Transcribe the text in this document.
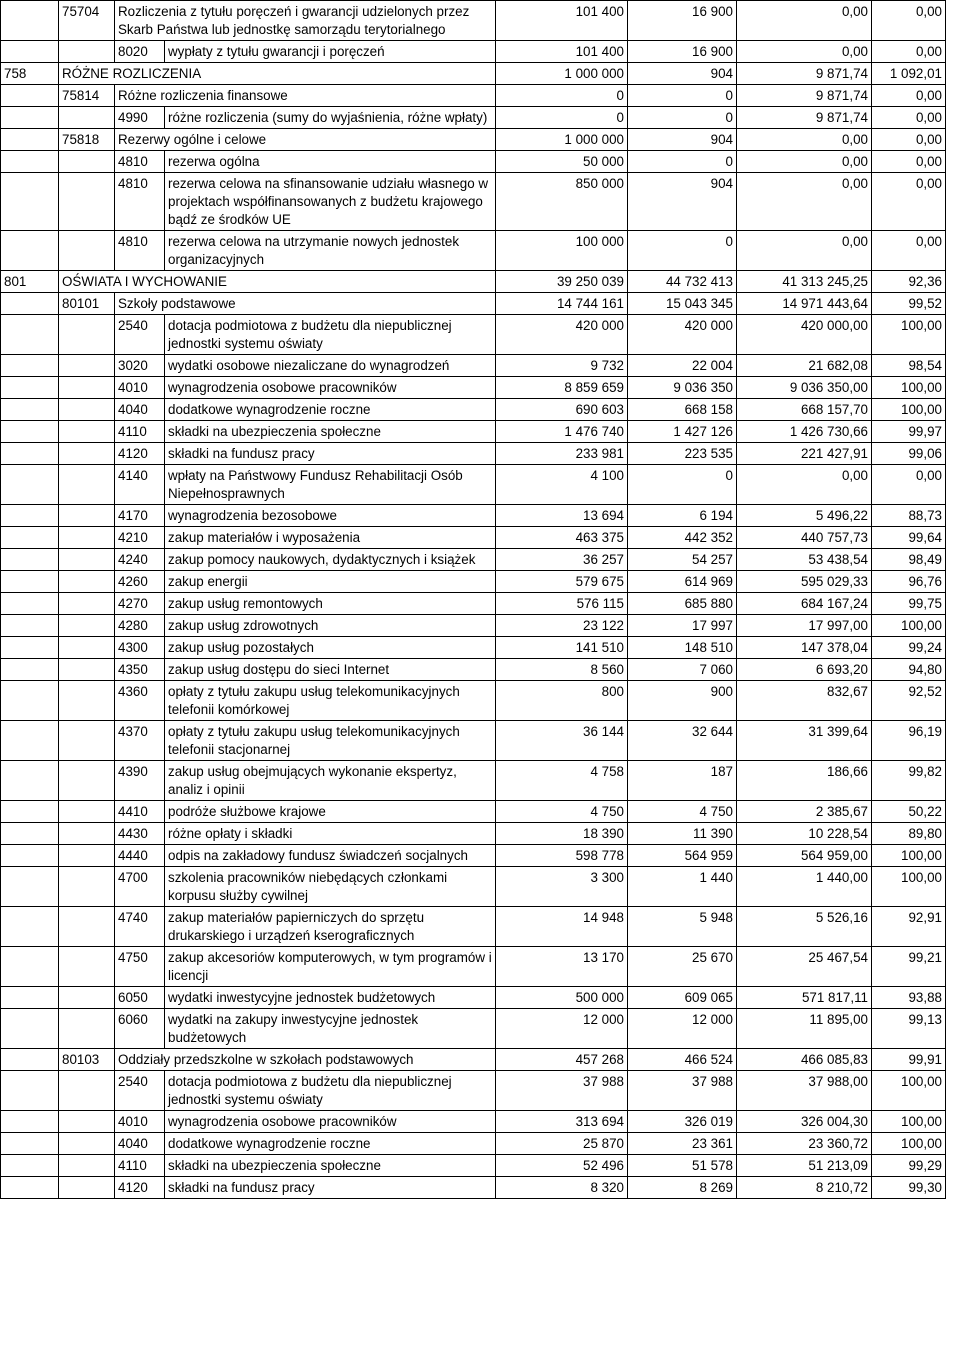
	75704	Rozliczenia z tytułu poręczeń i gwarancji udzielonych przez Skarb Państwa lub jednostkę samorządu terytorialnego		101 400	16 900	0,00	0,00
		8020	wypłaty z tytułu gwarancji i poręczeń	101 400	16 900	0,00	0,00
758	RÓŻNE ROZLICZENIA			1 000 000	904	9 871,74	1 092,01
	75814	Różne rozliczenia finansowe		0	0	9 871,74	0,00
		4990	różne rozliczenia (sumy do wyjaśnienia, różne wpłaty)	0	0	9 871,74	0,00
	75818	Rezerwy ogólne i celowe		1 000 000	904	0,00	0,00
		4810	rezerwa ogólna	50 000	0	0,00	0,00
		4810	rezerwa celowa na sfinansowanie udziału własnego w projektach współfinansowanych z budżetu krajowego bądź ze środków UE	850 000	904	0,00	0,00
		4810	rezerwa celowa na utrzymanie nowych jednostek organizacyjnych	100 000	0	0,00	0,00
801	OŚWIATA I WYCHOWANIE			39 250 039	44 732 413	41 313 245,25	92,36
	80101	Szkoły podstawowe		14 744 161	15 043 345	14 971 443,64	99,52
		2540	dotacja podmiotowa z budżetu dla niepublicznej jednostki systemu oświaty	420 000	420 000	420 000,00	100,00
		3020	wydatki osobowe niezaliczane do wynagrodzeń	9 732	22 004	21 682,08	98,54
		4010	wynagrodzenia osobowe pracowników	8 859 659	9 036 350	9 036 350,00	100,00
		4040	dodatkowe wynagrodzenie roczne	690 603	668 158	668 157,70	100,00
		4110	składki na ubezpieczenia społeczne	1 476 740	1 427 126	1 426 730,66	99,97
		4120	składki na fundusz pracy	233 981	223 535	221 427,91	99,06
		4140	wpłaty na Państwowy Fundusz Rehabilitacji Osób Niepełnosprawnych	4 100	0	0,00	0,00
		4170	wynagrodzenia bezosobowe	13 694	6 194	5 496,22	88,73
		4210	zakup materiałów i wyposażenia	463 375	442 352	440 757,73	99,64
		4240	zakup pomocy naukowych, dydaktycznych i książek	36 257	54 257	53 438,54	98,49
		4260	zakup energii	579 675	614 969	595 029,33	96,76
		4270	zakup usług remontowych	576 115	685 880	684 167,24	99,75
		4280	zakup usług zdrowotnych	23 122	17 997	17 997,00	100,00
		4300	zakup usług pozostałych	141 510	148 510	147 378,04	99,24
		4350	zakup usług dostępu do sieci Internet	8 560	7 060	6 693,20	94,80
		4360	opłaty z tytułu zakupu usług telekomunikacyjnych telefonii komórkowej	800	900	832,67	92,52
		4370	opłaty z tytułu zakupu usług telekomunikacyjnych telefonii stacjonarnej	36 144	32 644	31 399,64	96,19
		4390	zakup usług obejmujących wykonanie ekspertyz, analiz i opinii	4 758	187	186,66	99,82
		4410	podróże służbowe krajowe	4 750	4 750	2 385,67	50,22
		4430	różne opłaty i składki	18 390	11 390	10 228,54	89,80
		4440	odpis na zakładowy fundusz świadczeń socjalnych	598 778	564 959	564 959,00	100,00
		4700	szkolenia pracowników niebędących członkami korpusu służby cywilnej	3 300	1 440	1 440,00	100,00
		4740	zakup materiałów papierniczych do sprzętu drukarskiego i urządzeń kserograficznych	14 948	5 948	5 526,16	92,91
		4750	zakup akcesoriów komputerowych, w tym programów i licencji	13 170	25 670	25 467,54	99,21
		6050	wydatki inwestycyjne jednostek budżetowych	500 000	609 065	571 817,11	93,88
		6060	wydatki na zakupy inwestycyjne jednostek budżetowych	12 000	12 000	11 895,00	99,13
	80103	Oddziały przedszkolne w szkołach podstawowych		457 268	466 524	466 085,83	99,91
		2540	dotacja podmiotowa z budżetu dla niepublicznej jednostki systemu oświaty	37 988	37 988	37 988,00	100,00
		4010	wynagrodzenia osobowe pracowników	313 694	326 019	326 004,30	100,00
		4040	dodatkowe wynagrodzenie roczne	25 870	23 361	23 360,72	100,00
		4110	składki na ubezpieczenia społeczne	52 496	51 578	51 213,09	99,29
		4120	składki na fundusz pracy	8 320	8 269	8 210,72	99,30
